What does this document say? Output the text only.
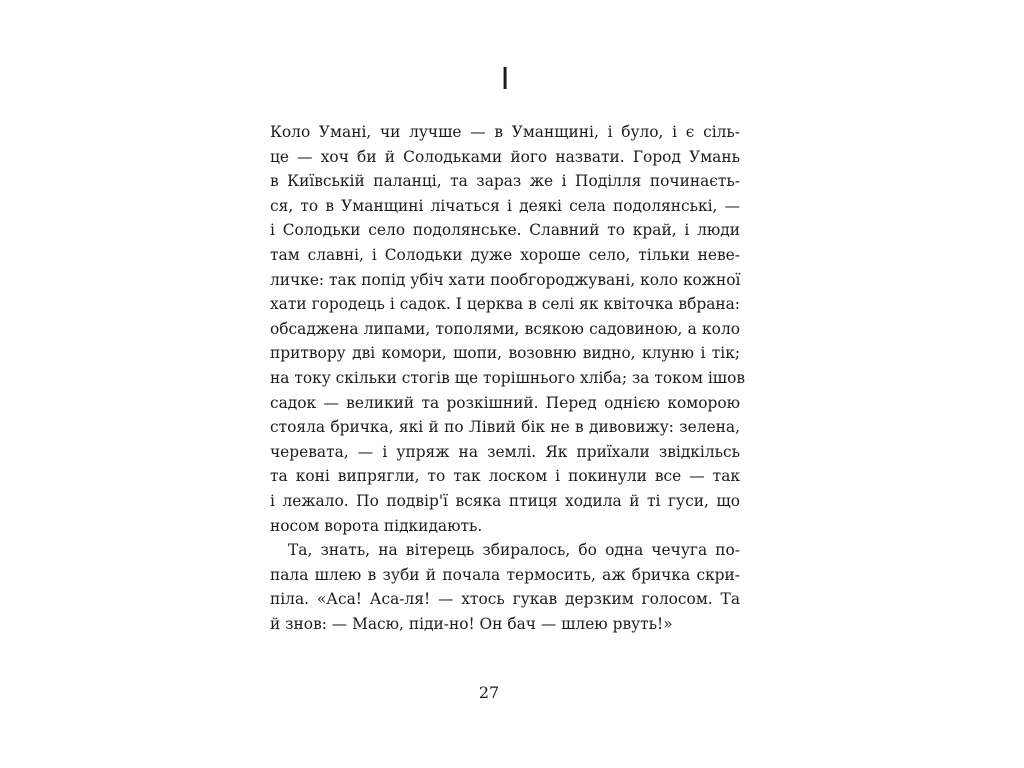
I
Коло Умані, чи лучше — в Уманщині, і було, і є сіль-
це — хоч би й Солодьками його назвати. Город Умань
в Київській паланці, та зараз же і Поділля починаєть-
ся, то в Уманщині лічаться і деякі села подолянські, —
і Солодьки село подолянське. Славний то край, і люди
там славні, і Солодьки дуже хороше село, тільки неве-
личке: так попід убіч хати пообгороджувані, коло кожної
хати городець і садок. І церква в селі як квіточка вбрана:
обсаджена липами, тополями, всякою садовиною, а коло
притвору дві комори, шопи, возовню видно, клуню і тік;
на току скільки стогів ще торішнього хліба; за током ішов
садок — великий та розкішний. Перед однією коморою
стояла бричка, які й по Лівий бік не в дивовижу: зелена,
черевата, — і упряж на землі. Як приїхали звідкільсь
та коні випрягли, то так лоском і покинули все — так
і лежало. По подвір'ї всяка птиця ходила й ті гуси, що
носом ворота підкидають.
Та, знать, на вітерець збиралось, бо одна чечуга по-
пала шлею в зуби й почала термосить, аж бричка скри-
піла. «Аса! Аса-ля! — хтось гукав дерзким голосом. Та
й знов: — Масю, піди-но! Он бач — шлею рвуть!»
27
